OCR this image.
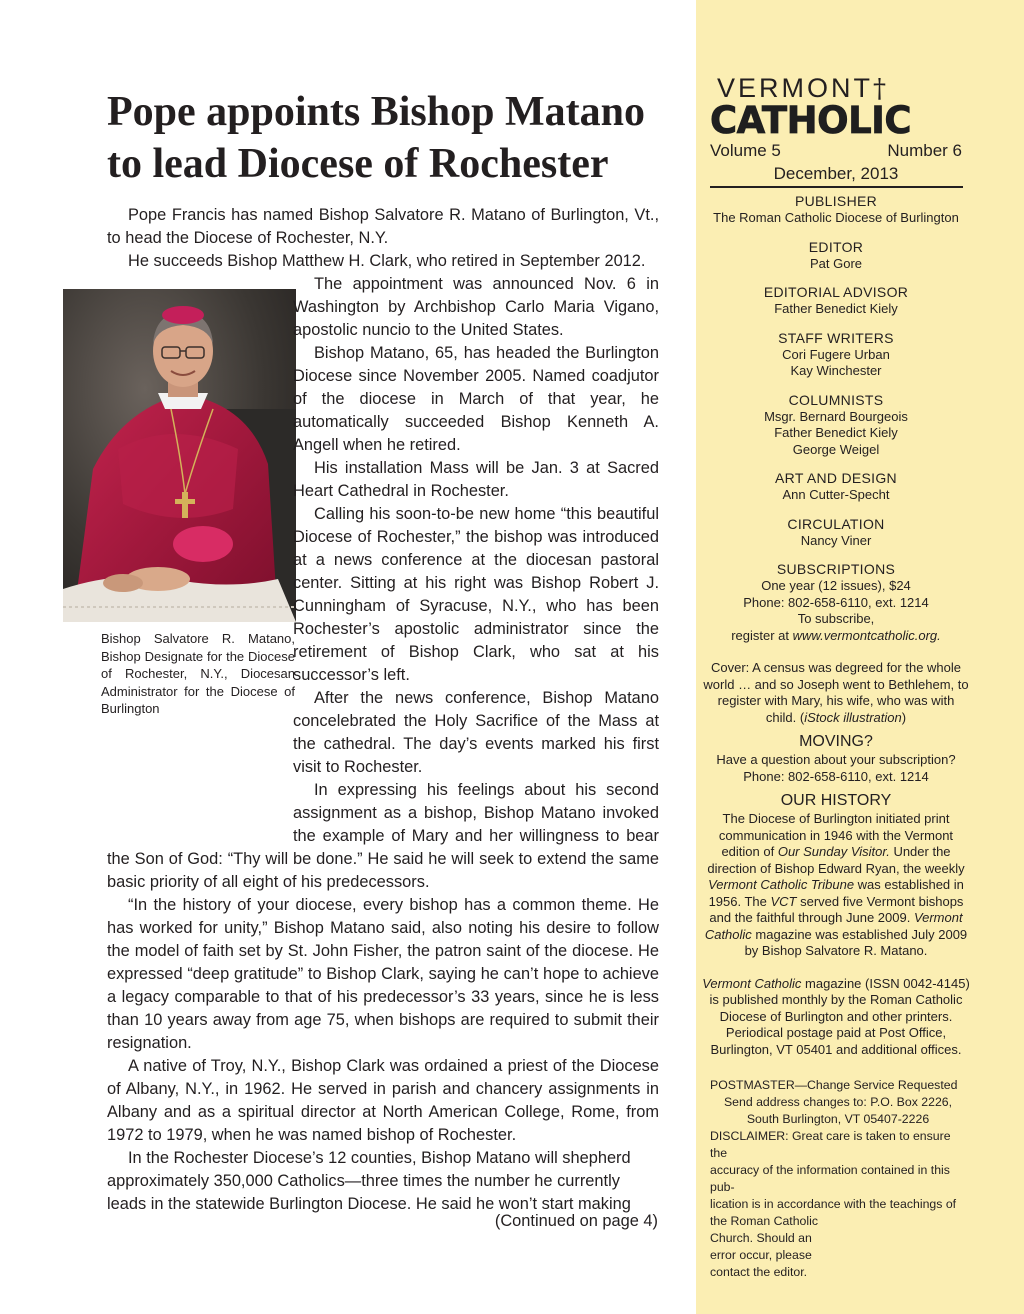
Pope appoints Bishop Matano to lead Diocese of Rochester

Pope Francis has named Bishop Salvatore R. Matano of Burlington, Vt., to head the Diocese of Rochester, N.Y.

He succeeds Bishop Matthew H. Clark, who retired in September 2012.

Bishop Salvatore R. Matano, Bishop Designate for the Diocese of Rochester, N.Y., Diocesan Administrator for the Diocese of Burlington

The appointment was announced Nov. 6 in Washington by Archbishop Carlo Maria Vigano, apostolic nuncio to the United States.

Bishop Matano, 65, has headed the Burlington Diocese since November 2005. Named coadjutor of the diocese in March of that year, he automatically succeeded Bishop Kenneth A. Angell when he retired.

His installation Mass will be Jan. 3 at Sacred Heart Cathedral in Rochester.

Calling his soon-to-be new home “this beautiful Diocese of Rochester,” the bishop was introduced at a news conference at the diocesan pastoral center. Sitting at his right was Bishop Robert J. Cunningham of Syracuse, N.Y., who has been Rochester’s apostolic administrator since the retirement of Bishop Clark, who sat at his successor’s left.

After the news conference, Bishop Matano concelebrated the Holy Sacrifice of the Mass at the cathedral. The day’s events marked his first visit to Rochester.

In expressing his feelings about his second assignment as a bishop, Bishop Matano invoked the example of Mary and her willingness to bear the Son of God: “Thy will be done.” He said he will seek to extend the same basic priority of all eight of his predecessors.

“In the history of your diocese, every bishop has a common theme. He has worked for unity,” Bishop Matano said, also noting his desire to follow the model of faith set by St. John Fisher, the patron saint of the diocese. He expressed “deep gratitude” to Bishop Clark, saying he can’t hope to achieve a legacy comparable to that of his predecessor’s 33 years, since he is less than 10 years away from age 75, when bishops are required to submit their resignation.

A native of Troy, N.Y., Bishop Clark was ordained a priest of the Diocese of Albany, N.Y., in 1962. He served in parish and chancery assignments in Albany and as a spiritual director at North American College, Rome, from 1972 to 1979, when he was named bishop of Rochester.

In the Rochester Diocese’s 12 counties, Bishop Matano will shepherd approximately 350,000 Catholics—three times the number he currently leads in the statewide Burlington Diocese. He said he won’t start making

(Continued on page 4)
VERMONT†
CATHOLIC
Volume 5	Number 6
December, 2013
PUBLISHER
The Roman Catholic Diocese of Burlington
EDITOR
Pat Gore
EDITORIAL ADVISOR
Father Benedict Kiely
STAFF WRITERS
Cori Fugere Urban
Kay Winchester
COLUMNISTS
Msgr. Bernard Bourgeois
Father Benedict Kiely
George Weigel
ART AND DESIGN
Ann Cutter-Specht
CIRCULATION
Nancy Viner
SUBSCRIPTIONS
One year (12 issues), $24
Phone: 802-658-6110, ext. 1214
To subscribe,
register at www.vermontcatholic.org.
Cover: A census was degreed for the whole world … and so Joseph went to Bethlehem, to register with Mary, his wife, who was with child. (iStock illustration)
MOVING?
Have a question about your subscription?
Phone: 802-658-6110, ext. 1214
OUR HISTORY
The Diocese of Burlington initiated print communication in 1946 with the Vermont edition of Our Sunday Visitor. Under the direction of Bishop Edward Ryan, the weekly Vermont Catholic Tribune was established in 1956. The VCT served five Vermont bishops and the faithful through June 2009. Vermont Catholic magazine was established July 2009 by Bishop Salvatore R. Matano.
Vermont Catholic magazine (ISSN 0042-4145) is published monthly by the Roman Catholic Diocese of Burlington and other printers. Periodical postage paid at Post Office, Burlington, VT 05401 and additional offices.
POSTMASTER—Change Service Requested
Send address changes to: P.O. Box 2226,
South Burlington, VT 05407-2226
DISCLAIMER: Great care is taken to ensure the
accuracy of the information contained in this pub-
lication is in accordance with the teachings of
the Roman Catholic
Church. Should an
error occur, please
contact the editor.
